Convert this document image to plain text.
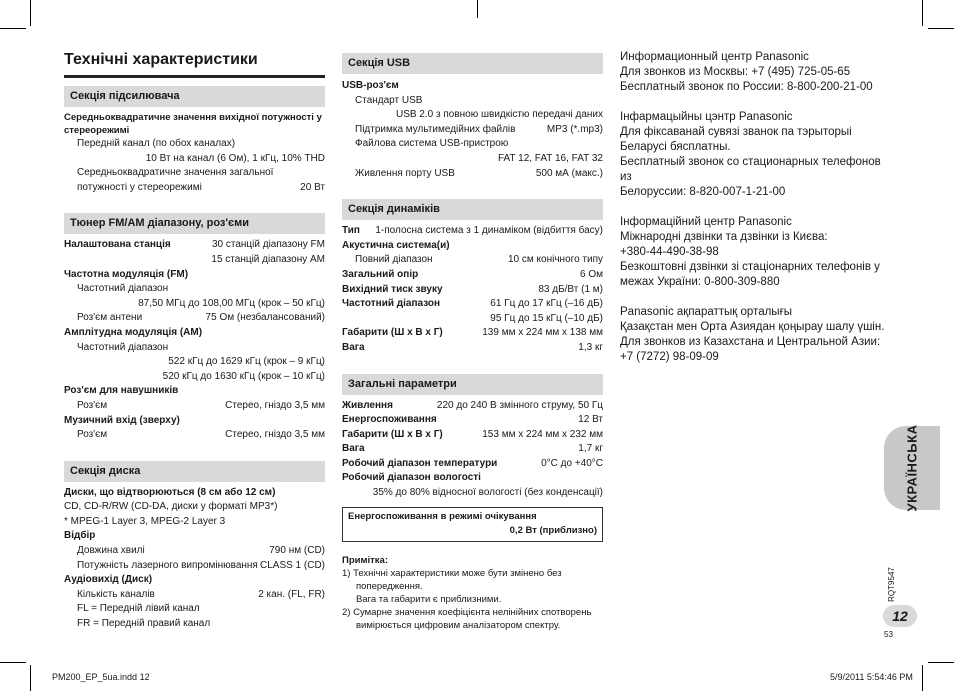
Технічні характеристики
Секція підсилювача
Середньоквадратичне значення вихідної потужності у стереорежимі
Передній канал (по обох каналах)
10 Вт на канал (6 Ом), 1 кГц, 10% THD
Середньоквадратичне значення загальної
потужності у стереорежимі	20 Вт
Тюнер FM/AM діапазону, роз'єми
Налаштована станція	30 станцій діапазону FM
15 станцій діапазону AM
Частотна модуляція (FM)
Частотний діапазон
87,50 МГц до 108,00 МГц (крок – 50 кГц)
Роз'єм антени	75 Ом (незбалансований)
Амплітудна модуляція (AM)
Частотний діапазон
522 кГц до 1629 кГц (крок – 9 кГц)
520 кГц до 1630 кГц (крок – 10 кГц)
Роз'єм для навушників
Роз'єм	Стерео, гніздо 3,5 мм
Музичний вхід (зверху)
Роз'єм	Стерео, гніздо 3,5 мм
Секція диска
Диски, що відтворюються (8 см або 12 см)
CD, CD-R/RW (CD-DA, диски у форматі MP3*)
* MPEG-1 Layer 3, MPEG-2 Layer 3
Відбір
Довжина хвилі	790 нм (CD)
Потужність лазерного випромінювання CLASS 1 (CD)
Аудіовихід (Диск)
Кількість каналів	2 кан. (FL, FR)
FL = Передній лівий канал
FR = Передній правий канал
Секція USB
USB-роз'єм
Стандарт USB
USB 2.0 з повною швидкістю передачі даних
Підтримка мультимедійних файлів	MP3 (*.mp3)
Файлова система USB-пристрою
FAT 12, FAT 16, FAT 32
Живлення порту USB	500 мА (макс.)
Секція динаміків
Тип 1-полосна система з 1 динаміком (відбиття басу)
Акустична система(и)
Повний діапазон	10 см конічного типу
Загальний опір	6 Ом
Вихідний тиск звуку	83 дБ/Вт (1 м)
Частотний діапазон	61 Гц до 17 кГц (–16 дБ)
95 Гц до 15 кГц (–10 дБ)
Габарити (Ш х В х Г)	139 мм х 224 мм х 138 мм
Вага	1,3 кг
Загальні параметри
Живлення	220 до 240 В змінного струму, 50 Гц
Енергоспоживання	12 Вт
Габарити (Ш х В х Г)	153 мм х 224 мм х 232 мм
Вага	1,7 кг
Робочий діапазон температури	0°C до +40°C
Робочий діапазон вологості
35% до 80% відносної вологості (без конденсації)
Енергоспоживання в режимі очікування
0,2 Вт (приблизно)
Примітка:
1) Технічні характеристики може бути змінено без
попередження.
Вага та габарити є приблизними.
2) Сумарне значення коефіцієнта нелінійних спотворень
вимірюється цифровим аналізатором спектру.
Информационный центр Panasonic
Для звонков из Москвы: +7 (495) 725-05-65
Бесплатный звонок по России: 8-800-200-21-00
Інфармацыйны цэнтр Panasonic
Для фіксаванай сувязі званок па тэрыторыі
Беларусі бясплатны.
Бесплатный звонок со стационарных телефонов из
Белоруссии: 8-820-007-1-21-00
Інформаційний центр Panasonic
Міжнародні дзвінки та дзвінки із Києва:
+380-44-490-38-98
Безкоштовні дзвінки зі стаціонарних телефонів у
межах України: 0-800-309-880
Panasonic ақпараттық орталығы
Қазақстан мен Орта Азиядан қоңырау шалу үшін.
Для звонков из Казахстана и Центральной Азии:
+7 (7272) 98-09-09
УКРАЇНСЬКА
RQT9547
12
53
PM200_EP_5ua.indd 12	5/9/2011 5:54:46 PM
